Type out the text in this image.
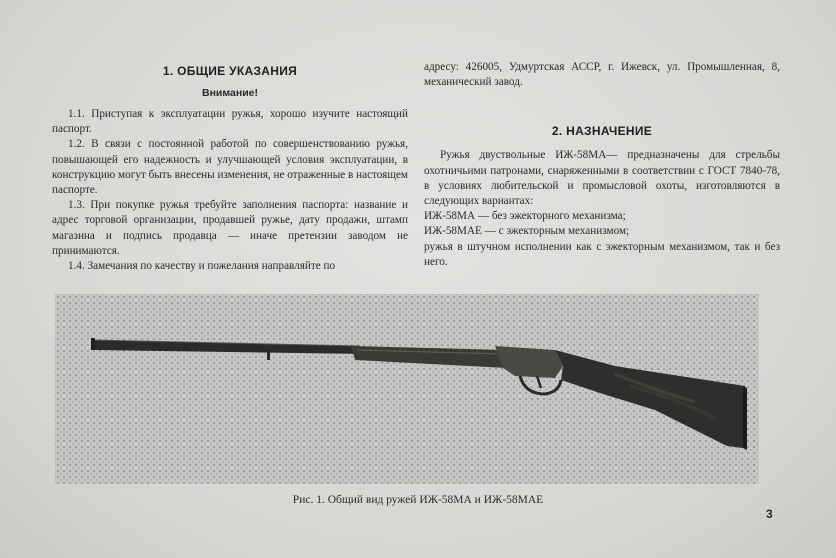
1. ОБЩИЕ УКАЗАНИЯ
Внимание!

1.1. Приступая к эксплуатации ружья, хорошо изучите настоящий паспорт.

1.2. В связи с постоянной работой по совершенствованию ружья, повышающей его надежность и улучшающей условия эксплуатации, в конструкцию могут быть внесены изменения, не отраженные в настоящем паспорте.

1.3. При покупке ружья требуйте заполнения паспорта: название и адрес торговой организации, продавшей ружье, дату продажи, штамп магазина и подпись продавца — иначе претензии заводом не принимаются.

1.4. Замечания по качеству и пожелания направляйте по

адресу: 426005, Удмуртская АССР, г. Ижевск, ул. Промышленная, 8, механический завод.

2. НАЗНАЧЕНИЕ

Ружья двуствольные ИЖ-58МА— предназначены для стрельбы охотничьими патронами, снаряженными в соответствии с ГОСТ 7840-78, в условиях любительской и промысловой охоты, изготовляются в следующих вариантах:

ИЖ-58МА — без эжекторного механизма;

ИЖ-58МАЕ — с эжекторным механизмом;

ружья в штучном исполнении как с эжекторным механизмом, так и без него.

Рис. 1. Общий вид ружей ИЖ-58МА и ИЖ-58МАЕ
3
